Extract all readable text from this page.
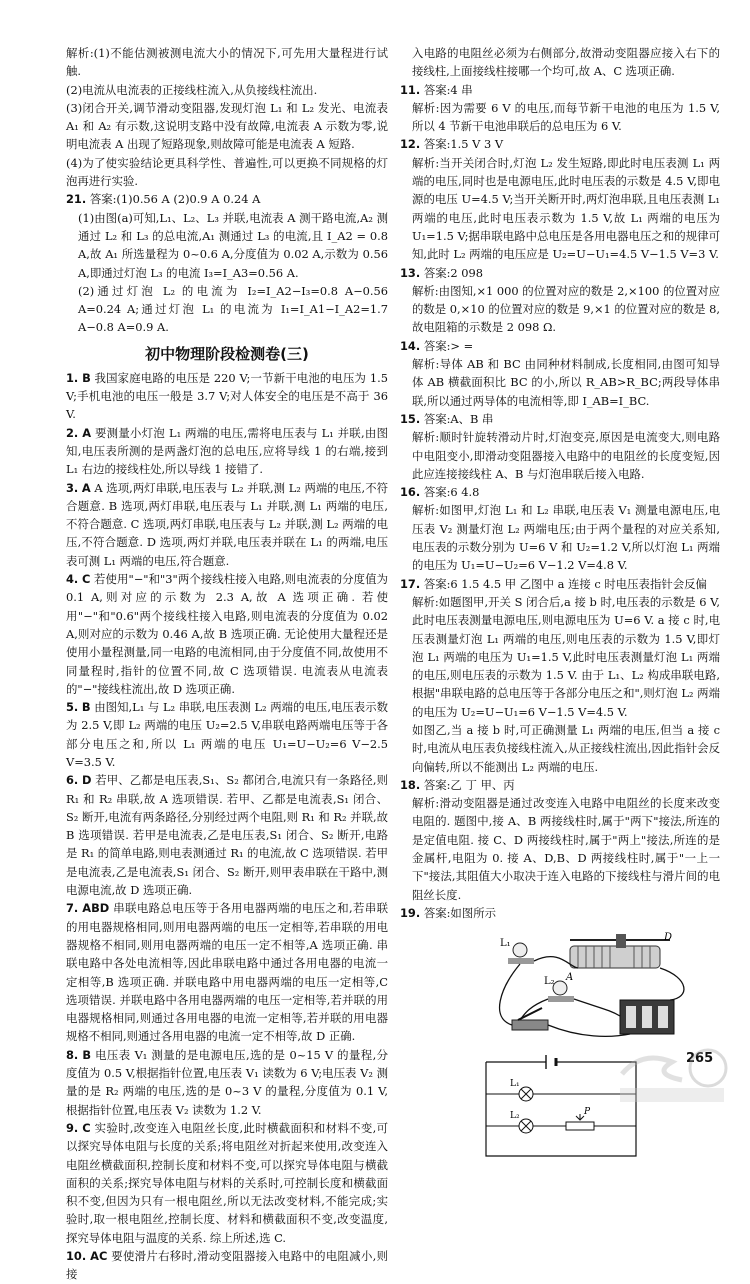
解析:(1)不能估测被测电流大小的情况下,可先用大量程进行试触.

(2)电流从电流表的正接线柱流入,从负接线柱流出.

(3)闭合开关,调节滑动变阻器,发现灯泡 L₁ 和 L₂ 发光、电流表 A₁ 和 A₂ 有示数,这说明支路中没有故障,电流表 A 示数为零,说明电流表 A 出现了短路现象,则故障可能是电流表 A 短路.

(4)为了使实验结论更具科学性、普遍性,可以更换不同规格的灯泡再进行实验.

21. 答案:(1)0.56 A (2)0.9 A 0.24 A

(1)由图(a)可知,L₁、L₂、L₃ 并联,电流表 A 测干路电流,A₂ 测通过 L₂ 和 L₃ 的总电流,A₁ 测通过 L₃ 的电流,且 I_A2 = 0.8 A,故 A₁ 所选量程为 0~0.6 A,分度值为 0.02 A,示数为 0.56 A,即通过灯泡 L₃ 的电流 I₃=I_A3=0.56 A.

(2)通过灯泡 L₂ 的电流为 I₂=I_A2−I₃=0.8 A−0.56 A=0.24 A;通过灯泡 L₁ 的电流为 I₁=I_A1−I_A2=1.7 A−0.8 A=0.9 A.

初中物理阶段检测卷(三)

1. B 我国家庭电路的电压是 220 V;一节新干电池的电压为 1.5 V;手机电池的电压一般是 3.7 V;对人体安全的电压是不高于 36 V.

2. A 要测量小灯泡 L₁ 两端的电压,需将电压表与 L₁ 并联,由图知,电压表所测的是两盏灯泡的总电压,应将导线 1 的右端,接到 L₁ 右边的接线柱处,所以导线 1 接错了.

3. A A 选项,两灯串联,电压表与 L₂ 并联,测 L₂ 两端的电压,不符合题意. B 选项,两灯串联,电压表与 L₁ 并联,测 L₁ 两端的电压,不符合题意. C 选项,两灯串联,电压表与 L₂ 并联,测 L₂ 两端的电压,不符合题意. D 选项,两灯并联,电压表并联在 L₁ 的两端,电压表可测 L₁ 两端的电压,符合题意.

4. C 若使用"−"和"3"两个接线柱接入电路,则电流表的分度值为 0.1 A,则对应的示数为 2.3 A,故 A 选项正确. 若使用"−"和"0.6"两个接线柱接入电路,则电流表的分度值为 0.02 A,则对应的示数为 0.46 A,故 B 选项正确. 无论使用大量程还是使用小量程测量,同一电路的电流相同,由于分度值不同,故使用不同量程时,指针的位置不同,故 C 选项错误. 电流表从电流表的"−"接线柱流出,故 D 选项正确.

5. B 由图知,L₁ 与 L₂ 串联,电压表测 L₂ 两端的电压,电压表示数为 2.5 V,即 L₂ 两端的电压 U₂=2.5 V,串联电路两端电压等于各部分电压之和,所以 L₁ 两端的电压 U₁=U−U₂=6 V−2.5 V=3.5 V.

6. D 若甲、乙都是电压表,S₁、S₂ 都闭合,电流只有一条路径,则 R₁ 和 R₂ 串联,故 A 选项错误. 若甲、乙都是电流表,S₁ 闭合、S₂ 断开,电流有两条路径,分别经过两个电阻,则 R₁ 和 R₂ 并联,故 B 选项错误. 若甲是电流表,乙是电压表,S₁ 闭合、S₂ 断开,电路是 R₁ 的简单电路,则电表测通过 R₁ 的电流,故 C 选项错误. 若甲是电流表,乙是电流表,S₁ 闭合、S₂ 断开,则甲表串联在干路中,测电源电流,故 D 选项正确.

7. ABD 串联电路总电压等于各用电器两端的电压之和,若串联的用电器规格相同,则用电器两端的电压一定相等,若串联的用电器规格不相同,则用电器两端的电压一定不相等,A 选项正确. 串联电路中各处电流相等,因此串联电路中通过各用电器的电流一定相等,B 选项正确. 并联电路中用电器两端的电压一定相等,C 选项错误. 并联电路中各用电器两端的电压一定相等,若并联的用电器规格相同,则通过各用电器的电流一定相等,若并联的用电器规格不相同,则通过各用电器的电流一定不相等,故 D 正确.

8. B 电压表 V₁ 测量的是电源电压,选的是 0~15 V 的量程,分度值为 0.5 V,根据指针位置,电压表 V₁ 读数为 6 V;电压表 V₂ 测量的是 R₂ 两端的电压,选的是 0~3 V 的量程,分度值为 0.1 V,根据指针位置,电压表 V₂ 读数为 1.2 V.

9. C 实验时,改变连入电阻丝长度,此时横截面积和材料不变,可以探究导体电阻与长度的关系;将电阻丝对折起来使用,改变连入电阻丝横截面积,控制长度和材料不变,可以探究导体电阻与横截面积的关系;探究导体电阻与材料的关系时,可控制长度和横截面积不变,但因为只有一根电阻丝,所以无法改变材料,不能完成;实验时,取一根电阻丝,控制长度、材料和横截面积不变,改变温度,探究导体电阻与温度的关系. 综上所述,选 C.

10. AC 要使滑片右移时,滑动变阻器接入电路中的电阻减小,则接

入电路的电阻丝必须为右侧部分,故滑动变阻器应接入右下的接线柱,上面接线柱接哪一个均可,故 A、C 选项正确.

11. 答案:4 串

解析:因为需要 6 V 的电压,而每节新干电池的电压为 1.5 V,所以 4 节新干电池串联后的总电压为 6 V.

12. 答案:1.5 V 3 V

解析:当开关闭合时,灯泡 L₂ 发生短路,即此时电压表测 L₁ 两端的电压,同时也是电源电压,此时电压表的示数是 4.5 V,即电源的电压 U=4.5 V;当开关断开时,两灯泡串联,且电压表测 L₁ 两端的电压,此时电压表示数为 1.5 V,故 L₁ 两端的电压为 U₁=1.5 V;据串联电路中总电压是各用电器电压之和的规律可知,此时 L₂ 两端的电压应是 U₂=U−U₁=4.5 V−1.5 V=3 V.

13. 答案:2 098

解析:由图知,×1 000 的位置对应的数是 2,×100 的位置对应的数是 0,×10 的位置对应的数是 9,×1 的位置对应的数是 8,故电阻箱的示数是 2 098 Ω.

14. 答案:> =

解析:导体 AB 和 BC 由同种材料制成,长度相同,由图可知导体 AB 横截面积比 BC 的小,所以 R_AB>R_BC;两段导体串联,所以通过两导体的电流相等,即 I_AB=I_BC.

15. 答案:A、B 串

解析:顺时针旋转滑动片时,灯泡变亮,原因是电流变大,则电路中电阻变小,即滑动变阻器接入电路中的电阻丝的长度变短,因此应连接接线柱 A、B 与灯泡串联后接入电路.

16. 答案:6 4.8

解析:如图甲,灯泡 L₁ 和 L₂ 串联,电压表 V₁ 测量电源电压,电压表 V₂ 测量灯泡 L₂ 两端电压;由于两个量程的对应关系知,电压表的示数分别为 U=6 V 和 U₂=1.2 V,所以灯泡 L₁ 两端的电压为 U₁=U−U₂=6 V−1.2 V=4.8 V.

17. 答案:6 1.5 4.5 甲 乙图中 a 连接 c 时电压表指针会反偏

解析:如题图甲,开关 S 闭合后,a 接 b 时,电压表的示数是 6 V,此时电压表测量电源电压,则电源电压为 U=6 V. a 接 c 时,电压表测量灯泡 L₁ 两端的电压,则电压表的示数为 1.5 V,即灯泡 L₁ 两端的电压为 U₁=1.5 V,此时电压表测量灯泡 L₁ 两端的电压,则电压表的示数为 1.5 V. 由于 L₁、L₂ 构成串联电路,根据"串联电路的总电压等于各部分电压之和",则灯泡 L₂ 两端的电压为 U₂=U−U₁=6 V−1.5 V=4.5 V.

如图乙,当 a 接 b 时,可正确测量 L₁ 两端的电压,但当 a 接 c 时,电流从电压表负接线柱流入,从正接线柱流出,因此指针会反向偏转,所以不能测出 L₂ 两端的电压.

18. 答案:乙 丁 甲、丙

解析:滑动变阻器是通过改变连入电路中电阻丝的长度来改变电阻的. 题图中,接 A、B 两接线柱时,属于"两下"接法,所连的是定值电阻. 接 C、D 两接线柱时,属于"两上"接法,所连的是金属杆,电阻为 0. 接 A、D,B、D 两接线柱时,属于"一上一下"接法,其阻值大小取决于连入电路的下接线柱与滑片间的电阻丝长度.

19. 答案:如图所示

L₁
L₂ A
D

L₁
L₂	P
265
